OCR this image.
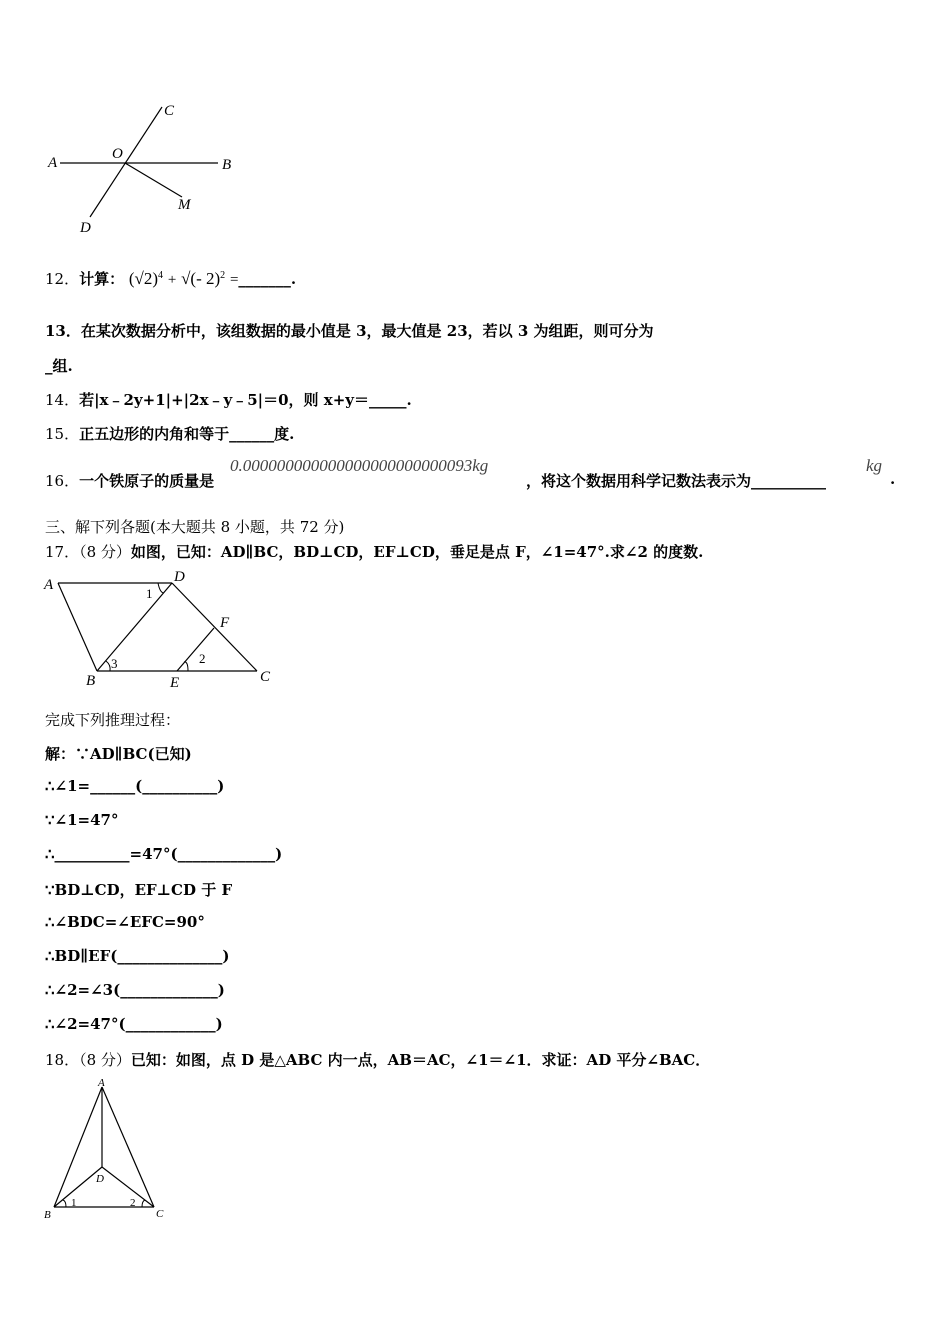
A
O
B
C
D
M
12．计算： $(√2)^4$ + √(- 2)$^2$ =_______.
13．在某次数据分析中，该组数据的最小值是 3，最大值是 23，若以 3 为组距，则可分为
_组.
14．若|x﹣2y+1|+|2x﹣y﹣5|＝0，则 x+y＝_____.
15．正五边形的内角和等于______度.
16．一个铁原子的质量是
0.000000000000000000000000093kg
，将这个数据用科学记数法表示为__________
kg
.
三、解下列各题(本大题共 8 小题，共 72 分)
17．（8 分）如图，已知：AD∥BC，BD⊥CD，EF⊥CD，垂足是点 F，∠1=47°.求∠2 的度数.
A	D
F
B	E	C
1
2
3
完成下列推理过程：
解：∵AD∥BC(已知)
∴∠1=______(__________)
∵∠1=47°
∴__________=47°(_____________)
∵BD⊥CD，EF⊥CD 于 F
∴∠BDC=∠EFC=90°
∴BD∥EF(______________)
∴∠2=∠3(_____________)
∴∠2=47°(____________)
18．（8 分）已知：如图，点 D 是△ABC 内一点，AB＝AC，∠1＝∠1．求证：AD 平分∠BAC．
A
D
B	C
1	2
